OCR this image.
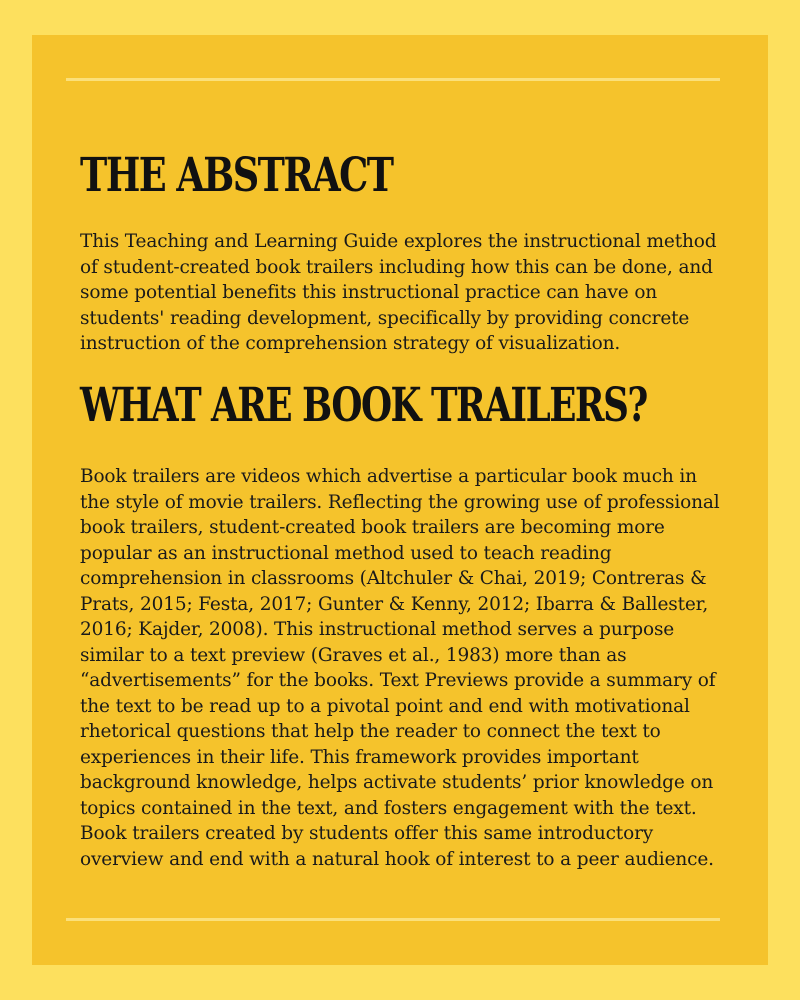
THE ABSTRACT

This Teaching and Learning Guide explores the instructional method of student-created book trailers including how this can be done, and some potential benefits this instructional practice can have on students' reading development, specifically by providing concrete instruction of the comprehension strategy of visualization.

WHAT ARE BOOK TRAILERS?

Book trailers are videos which advertise a particular book much in the style of movie trailers. Reflecting the growing use of professional book trailers, student-created book trailers are becoming more popular as an instructional method used to teach reading comprehension in classrooms (Altchuler & Chai, 2019; Contreras & Prats, 2015; Festa, 2017; Gunter & Kenny, 2012; Ibarra & Ballester, 2016; Kajder, 2008). This instructional method serves a purpose similar to a text preview (Graves et al., 1983) more than as “advertisements” for the books. Text Previews provide a summary of the text to be read up to a pivotal point and end with motivational rhetorical questions that help the reader to connect the text to experiences in their life. This framework provides important background knowledge, helps activate students’ prior knowledge on topics contained in the text, and fosters engagement with the text. Book trailers created by students offer this same introductory overview and end with a natural hook of interest to a peer audience.
